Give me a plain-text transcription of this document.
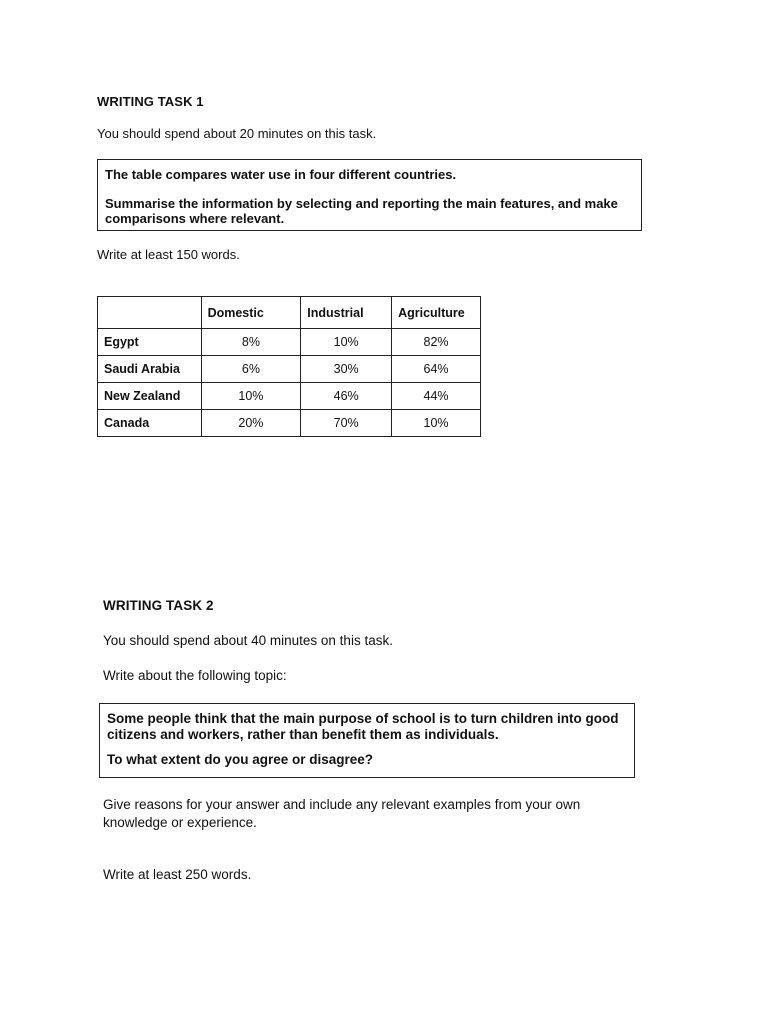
WRITING TASK 1
You should spend about 20 minutes on this task.

The table compares water use in four different countries.

Summarise the information by selecting and reporting the main features, and make comparisons where relevant.

Write at least 150 words.
	Domestic	Industrial	Agriculture
Egypt	8%	10%	82%
Saudi Arabia	6%	30%	64%
New Zealand	10%	46%	44%
Canada	20%	70%	10%
WRITING TASK 2
You should spend about 40 minutes on this task.
Write about the following topic:

Some people think that the main purpose of school is to turn children into good citizens and workers, rather than benefit them as individuals.

To what extent do you agree or disagree?

Give reasons for your answer and include any relevant examples from your own knowledge or experience.
Write at least 250 words.
